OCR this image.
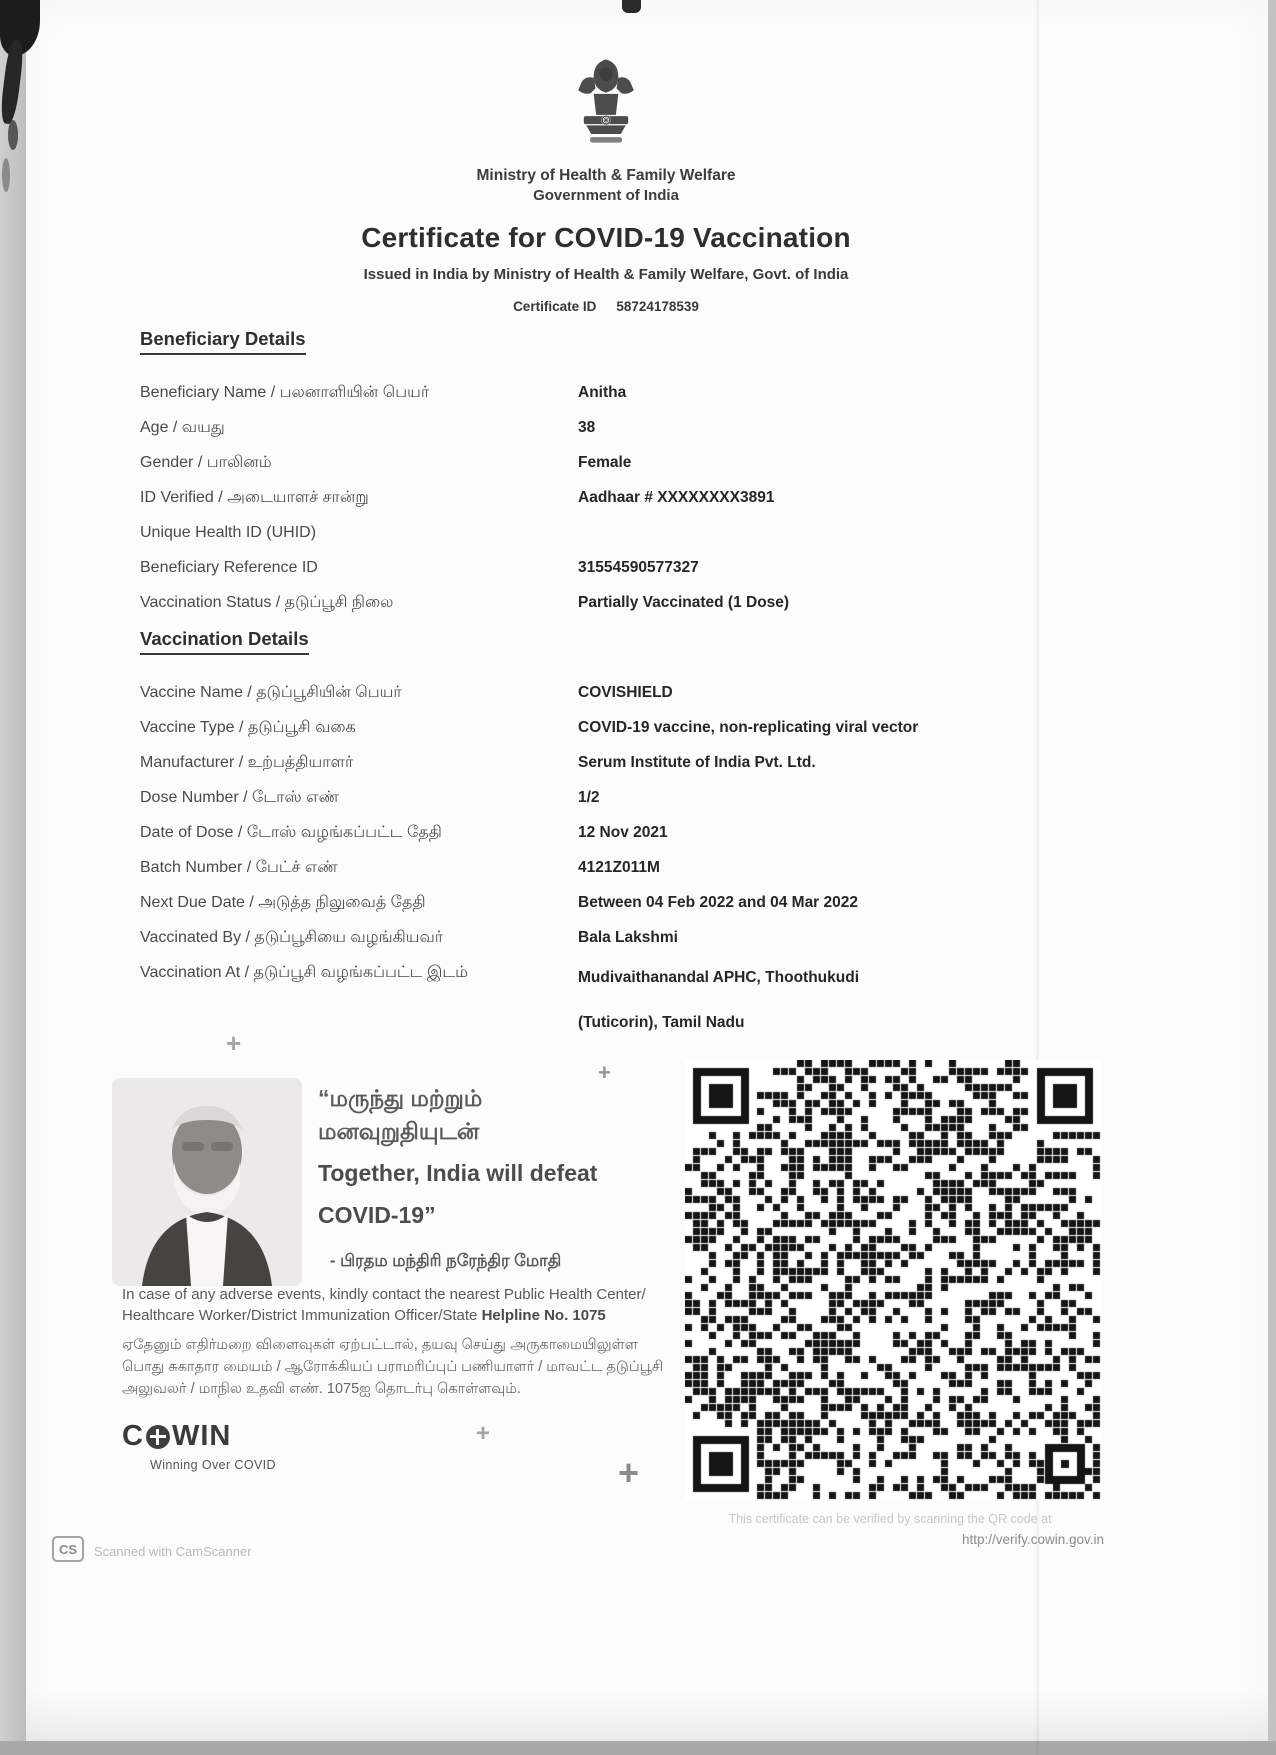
Ministry of Health & Family Welfare
Government of India
Certificate for COVID-19 Vaccination
Issued in India by Ministry of Health & Family Welfare, Govt. of India
Certificate ID 58724178539
Beneficiary Details
Beneficiary Name / பலனாளியின் பெயர்	Anitha
Age / வயது	38
Gender / பாலினம்	Female
ID Verified / அடையாளச் சான்று	Aadhaar # XXXXXXXX3891
Unique Health ID (UHID)
Beneficiary Reference ID	31554590577327
Vaccination Status / தடுப்பூசி நிலை	Partially Vaccinated (1 Dose)
Vaccination Details
Vaccine Name / தடுப்பூசியின் பெயர்	COVISHIELD
Vaccine Type / தடுப்பூசி வகை	COVID-19 vaccine, non-replicating viral vector
Manufacturer / உற்பத்தியாளர்	Serum Institute of India Pvt. Ltd.
Dose Number / டோஸ் எண்	1/2
Date of Dose / டோஸ் வழங்கப்பட்ட தேதி	12 Nov 2021
Batch Number / பேட்ச் எண்	4121Z011M
Next Due Date / அடுத்த நிலுவைத் தேதி	Between 04 Feb 2022 and 04 Mar 2022
Vaccinated By / தடுப்பூசியை வழங்கியவர்	Bala Lakshmi
Vaccination At / தடுப்பூசி வழங்கப்பட்ட இடம்	Mudivaithanandal APHC, Thoothukudi (Tuticorin), Tamil Nadu
+
+
+
+
“மருந்து மற்றும்
மனவுறுதியுடன்
Together, India will defeat
COVID-19”
- பிரதம மந்திரி நரேந்திர மோதி
In case of any adverse events, kindly contact the nearest Public Health Center/ Healthcare Worker/District Immunization Officer/State Helpline No. 1075
ஏதேனும் எதிர்மறை விளைவுகள் ஏற்பட்டால், தயவு செய்து அருகாமையிலுள்ள பொது சுகாதார மையம் / ஆரோக்கியப் பராமரிப்புப் பணியாளர் / மாவட்ட தடுப்பூசி அலுவலர் / மாநில உதவி எண். 1075ஐ தொடர்பு கொள்ளவும்.
C WIN
Winning Over COVID
This certificate can be verified by scanning the QR code at
http://verify.cowin.gov.in
CS	Scanned with CamScanner
